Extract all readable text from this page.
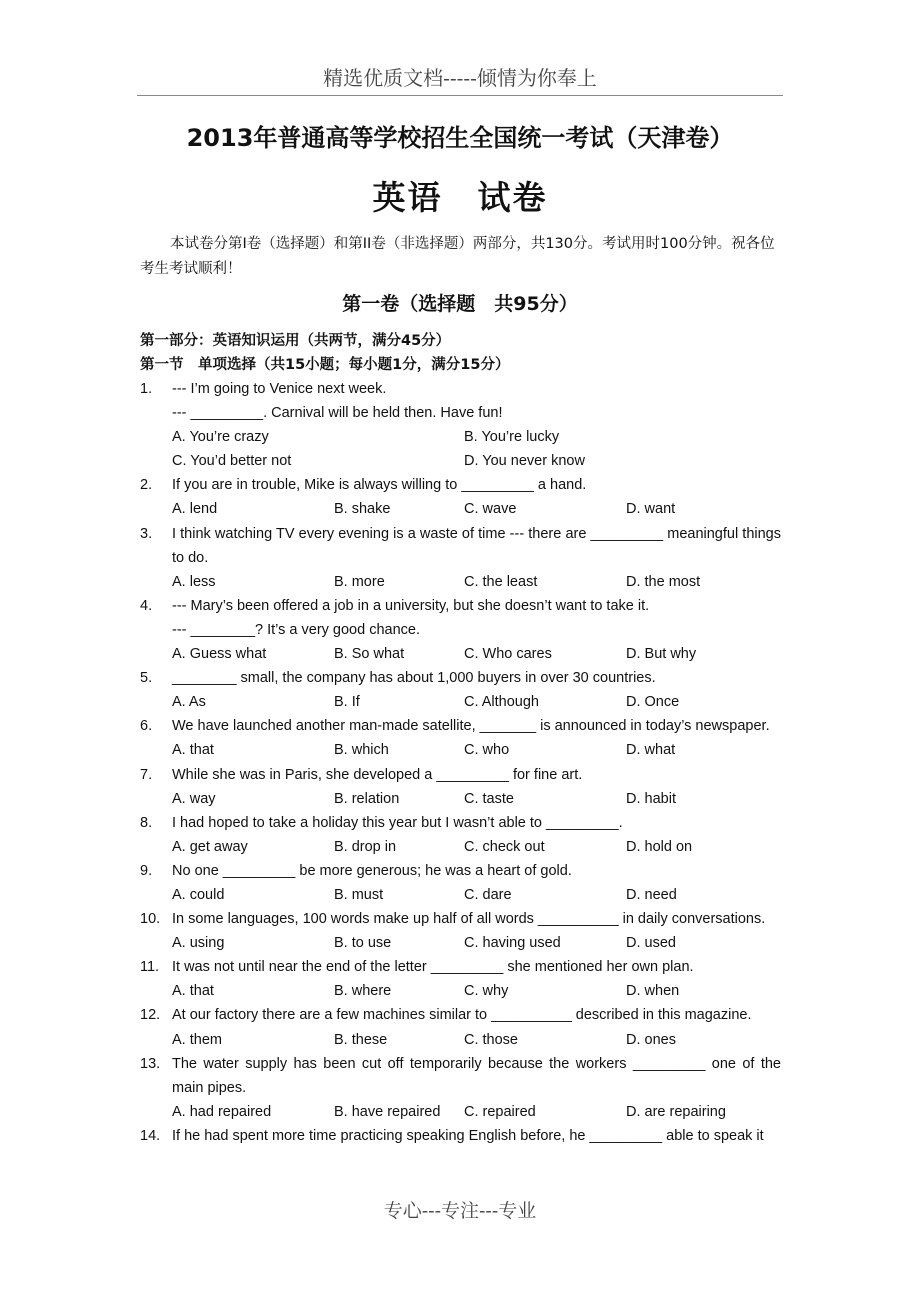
精选优质文档-----倾情为你奉上
2013年普通高等学校招生全国统一考试（天津卷）
英语　试卷
本试卷分第I卷（选择题）和第II卷（非选择题）两部分，共130分。考试用时100分钟。祝各位考生考试顺利！
第一卷（选择题　共95分）
第一部分：英语知识运用（共两节，满分45分）
第一节　单项选择（共15小题；每小题1分，满分15分）
1. --- I’m going to Venice next week.
--- _________. Carnival will be held then. Have fun!
A. You’re crazy	B. You’re lucky
C. You’d better not	D. You never know
2. If you are in trouble, Mike is always willing to _________ a hand.
A. lend	B. shake	C. wave	D. want
3. I think watching TV every evening is a waste of time --- there are _________ meaningful things to do.
A. less	B. more	C. the least	D. the most
4. --- Mary’s been offered a job in a university, but she doesn’t want to take it.
--- ________? It’s a very good chance.
A. Guess what	B. So what	C. Who cares	D. But why
5. ________ small, the company has about 1,000 buyers in over 30 countries.
A. As	B. If	C. Although	D. Once
6. We have launched another man-made satellite, _______ is announced in today’s newspaper.
A. that	B. which	C. who	D. what
7. While she was in Paris, she developed a _________ for fine art.
A. way	B. relation	C. taste	D. habit
8. I had hoped to take a holiday this year but I wasn’t able to _________.
A. get away	B. drop in	C. check out	D. hold on
9. No one _________ be more generous; he was a heart of gold.
A. could	B. must	C. dare	D. need
10. In some languages, 100 words make up half of all words __________ in daily conversations.
A. using	B. to use	C. having used	D. used
11. It was not until near the end of the letter _________ she mentioned her own plan.
A. that	B. where	C. why	D. when
12. At our factory there are a few machines similar to __________ described in this magazine.
A. them	B. these	C. those	D. ones
13. The water supply has been cut off temporarily because the workers _________ one of the main pipes.
A. had repaired	B. have repaired C. repaired	D. are repairing
14. If he had spent more time practicing speaking English before, he _________ able to speak it
专心---专注---专业
